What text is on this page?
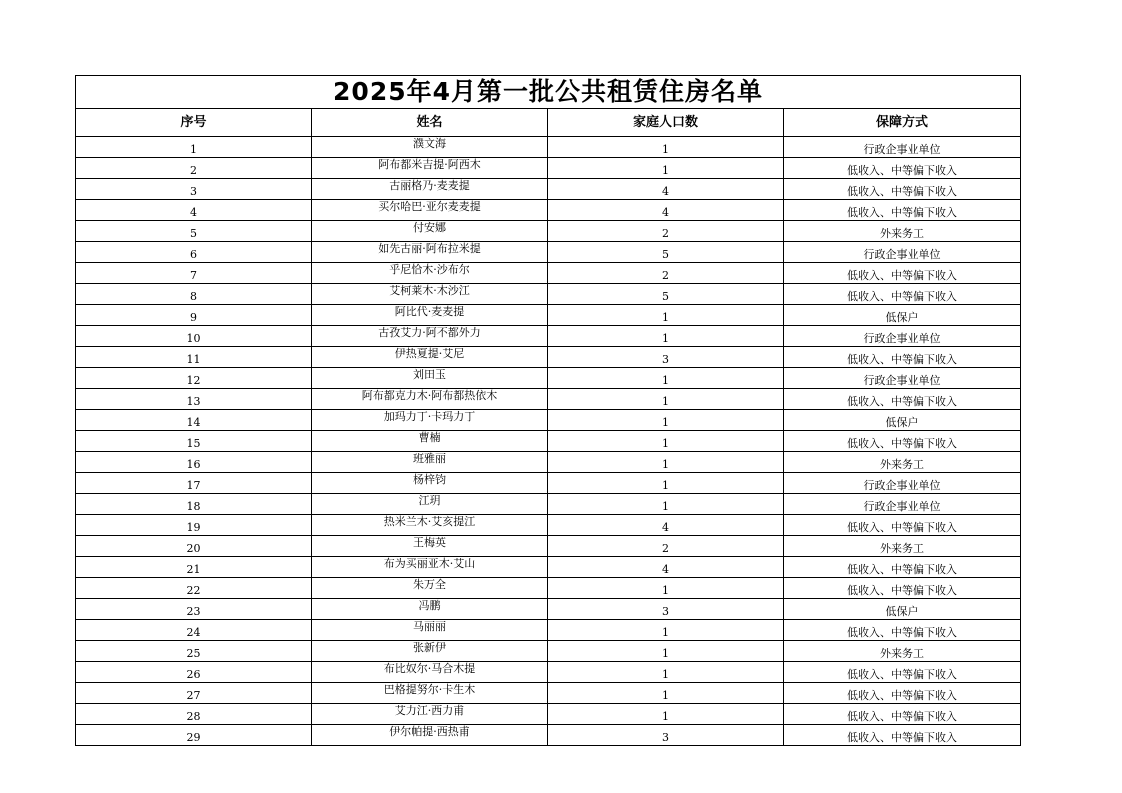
2025年4月第一批公共租赁住房名单			
序号	姓名	家庭人口数	保障方式
1	濮文海	1	行政企事业单位
2	阿布都米吉提·阿西木	1	低收入、中等偏下收入
3	古丽格乃·麦麦提	4	低收入、中等偏下收入
4	买尔哈巴·亚尔麦麦提	4	低收入、中等偏下收入
5	付安娜	2	外来务工
6	如先古丽·阿布拉米提	5	行政企事业单位
7	乎尼恰木·沙布尔	2	低收入、中等偏下收入
8	艾柯莱木·木沙江	5	低收入、中等偏下收入
9	阿比代·麦麦提	1	低保户
10	古孜艾力·阿不都外力	1	行政企事业单位
11	伊热夏提·艾尼	3	低收入、中等偏下收入
12	刘田玉	1	行政企事业单位
13	阿布都克力木·阿布都热依木	1	低收入、中等偏下收入
14	加玛力丁·卡玛力丁	1	低保户
15	曹楠	1	低收入、中等偏下收入
16	班雅丽	1	外来务工
17	杨梓钧	1	行政企事业单位
18	江玥	1	行政企事业单位
19	热米兰木·艾亥提江	4	低收入、中等偏下收入
20	王梅英	2	外来务工
21	布为买丽亚木·艾山	4	低收入、中等偏下收入
22	朱万全	1	低收入、中等偏下收入
23	冯鹏	3	低保户
24	马丽丽	1	低收入、中等偏下收入
25	张新伊	1	外来务工
26	布比奴尔·马合木提	1	低收入、中等偏下收入
27	巴格提努尔·卡生木	1	低收入、中等偏下收入
28	艾力江·西力甫	1	低收入、中等偏下收入
29	伊尔帕提·西热甫	3	低收入、中等偏下收入
